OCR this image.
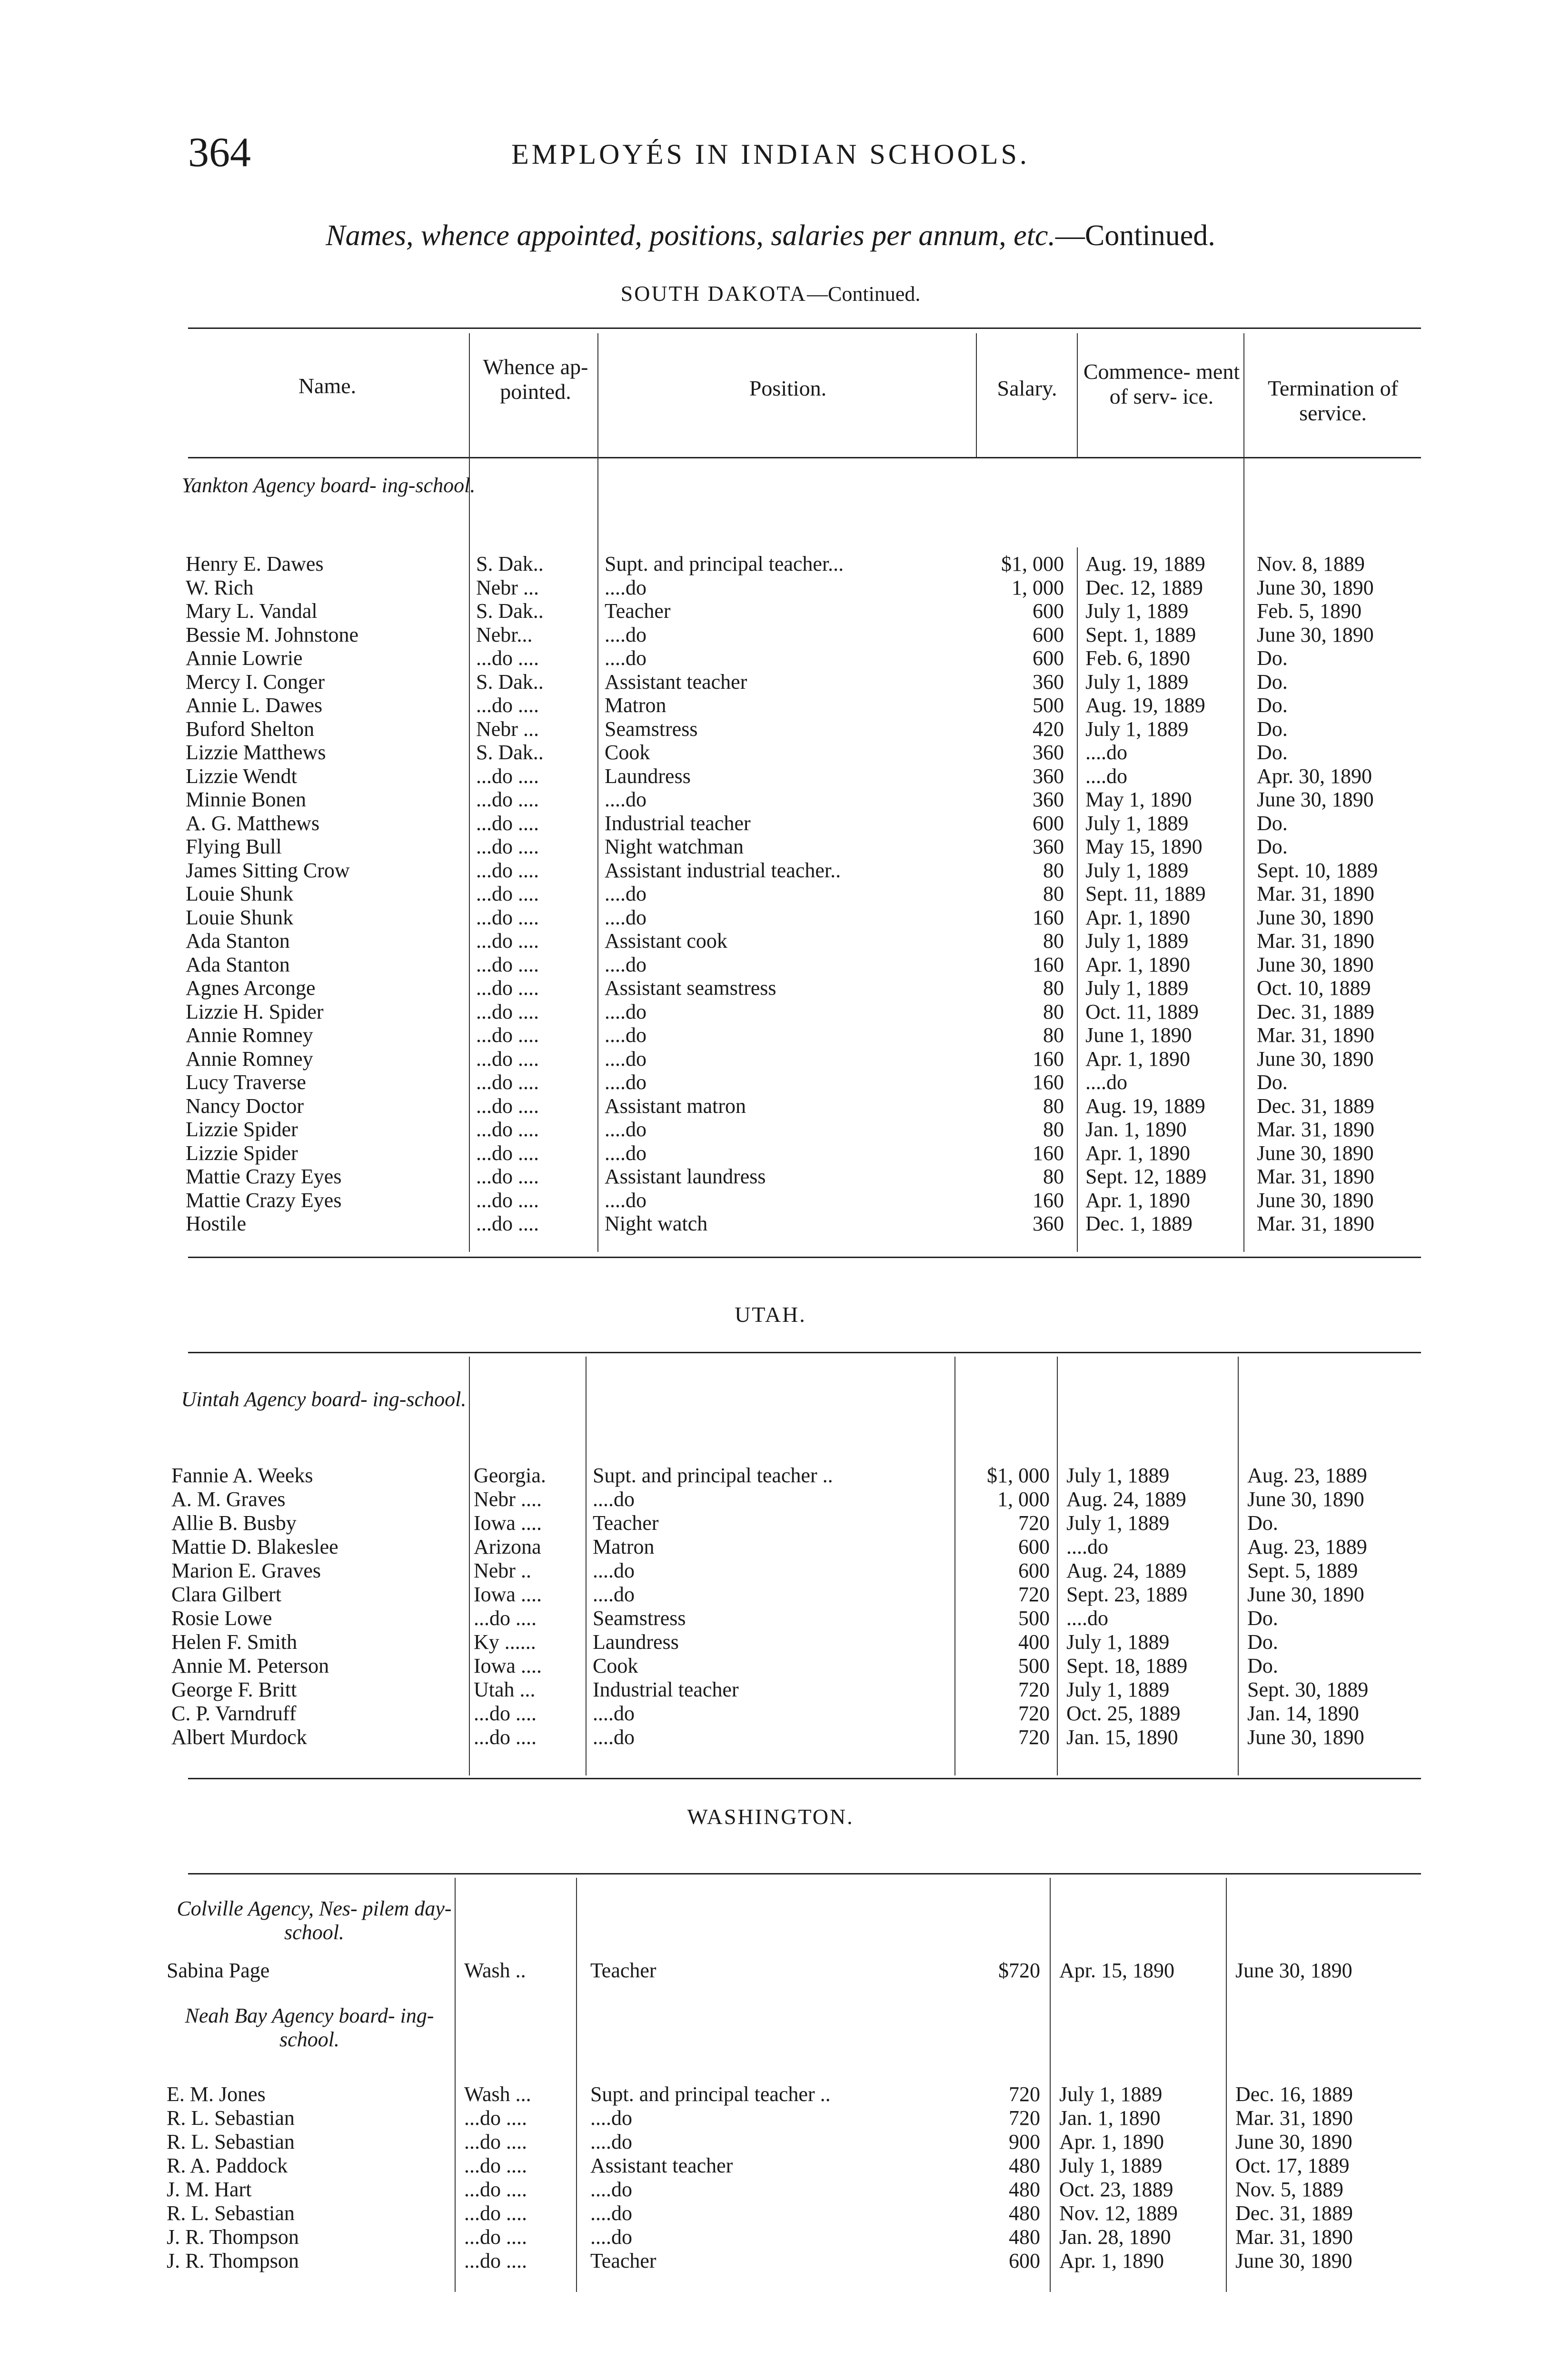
364	EMPLOYÉS IN INDIAN SCHOOLS.
Names, whence appointed, positions, salaries per annum, etc.—Continued.
SOUTH DAKOTA—Continued.
Name.
Whence ap- pointed.	Position.	Salary.
Commence- ment of serv- ice.	Termination of service.
Yankton Agency board- ing-school.
Henry E. Dawes	S. Dak..	Supt. and principal teacher...	$1, 000 Aug. 19, 1889	Nov. 8, 1889
W. Rich	Nebr ...	....do	1, 000 Dec. 12, 1889	June 30, 1890
Mary L. Vandal	S. Dak..	Teacher	600 July 1, 1889	Feb. 5, 1890
Bessie M. Johnstone	Nebr...	....do	600 Sept. 1, 1889	June 30, 1890
Annie Lowrie	...do ....	....do	600 Feb. 6, 1890	Do.
Mercy I. Conger	S. Dak..	Assistant teacher	360 July 1, 1889	Do.
Annie L. Dawes	...do ....	Matron	500 Aug. 19, 1889	Do.
Buford Shelton	Nebr ...	Seamstress	420 July 1, 1889	Do.
Lizzie Matthews	S. Dak..	Cook	360 ....do	Do.
Lizzie Wendt	...do ....	Laundress	360 ....do	Apr. 30, 1890
Minnie Bonen	...do ....	....do	360 May 1, 1890	June 30, 1890
A. G. Matthews	...do ....	Industrial teacher	600 July 1, 1889	Do.
Flying Bull	...do ....	Night watchman	360 May 15, 1890	Do.
James Sitting Crow	...do ....	Assistant industrial teacher..	80 July 1, 1889	Sept. 10, 1889
Louie Shunk	...do ....	....do	80 Sept. 11, 1889	Mar. 31, 1890
Louie Shunk	...do ....	....do	160 Apr. 1, 1890	June 30, 1890
Ada Stanton	...do ....	Assistant cook	80 July 1, 1889	Mar. 31, 1890
Ada Stanton	...do ....	....do	160 Apr. 1, 1890	June 30, 1890
Agnes Arconge	...do ....	Assistant seamstress	80 July 1, 1889	Oct. 10, 1889
Lizzie H. Spider	...do ....	....do	80 Oct. 11, 1889	Dec. 31, 1889
Annie Romney	...do ....	....do	80 June 1, 1890	Mar. 31, 1890
Annie Romney	...do ....	....do	160 Apr. 1, 1890	June 30, 1890
Lucy Traverse	...do ....	....do	160 ....do	Do.
Nancy Doctor	...do ....	Assistant matron	80 Aug. 19, 1889	Dec. 31, 1889
Lizzie Spider	...do ....	....do	80 Jan. 1, 1890	Mar. 31, 1890
Lizzie Spider	...do ....	....do	160 Apr. 1, 1890	June 30, 1890
Mattie Crazy Eyes	...do ....	Assistant laundress	80 Sept. 12, 1889	Mar. 31, 1890
Mattie Crazy Eyes	...do ....	....do	160 Apr. 1, 1890	June 30, 1890
Hostile	...do ....	Night watch	360 Dec. 1, 1889	Mar. 31, 1890
UTAH.
Uintah Agency board- ing-school.
Fannie A. Weeks	Georgia.	Supt. and principal teacher ..	$1, 000 July 1, 1889	Aug. 23, 1889
A. M. Graves	Nebr ....	....do	1, 000 Aug. 24, 1889	June 30, 1890
Allie B. Busby	Iowa ....	Teacher	720 July 1, 1889	Do.
Mattie D. Blakeslee	Arizona	Matron	600 ....do	Aug. 23, 1889
Marion E. Graves	Nebr ..	....do	600 Aug. 24, 1889	Sept. 5, 1889
Clara Gilbert	Iowa ....	....do	720 Sept. 23, 1889	June 30, 1890
Rosie Lowe	...do ....	Seamstress	500 ....do	Do.
Helen F. Smith	Ky ......	Laundress	400 July 1, 1889	Do.
Annie M. Peterson	Iowa ....	Cook	500 Sept. 18, 1889	Do.
George F. Britt	Utah ...	Industrial teacher	720 July 1, 1889	Sept. 30, 1889
C. P. Varndruff	...do ....	....do	720 Oct. 25, 1889	Jan. 14, 1890
Albert Murdock	...do ....	....do	720 Jan. 15, 1890	June 30, 1890
WASHINGTON.
Colville Agency, Nes- pilem day-school.
Sabina Page	Wash ..	Teacher	$720 Apr. 15, 1890	June 30, 1890
Neah Bay Agency board- ing-school.
E. M. Jones	Wash ...	Supt. and principal teacher ..	720 July 1, 1889	Dec. 16, 1889
R. L. Sebastian	...do ....	....do	720 Jan. 1, 1890	Mar. 31, 1890
R. L. Sebastian	...do ....	....do	900 Apr. 1, 1890	June 30, 1890
R. A. Paddock	...do ....	Assistant teacher	480 July 1, 1889	Oct. 17, 1889
J. M. Hart	...do ....	....do	480 Oct. 23, 1889	Nov. 5, 1889
R. L. Sebastian	...do ....	....do	480 Nov. 12, 1889	Dec. 31, 1889
J. R. Thompson	...do ....	....do	480 Jan. 28, 1890	Mar. 31, 1890
J. R. Thompson	...do ....	Teacher	600 Apr. 1, 1890	June 30, 1890
